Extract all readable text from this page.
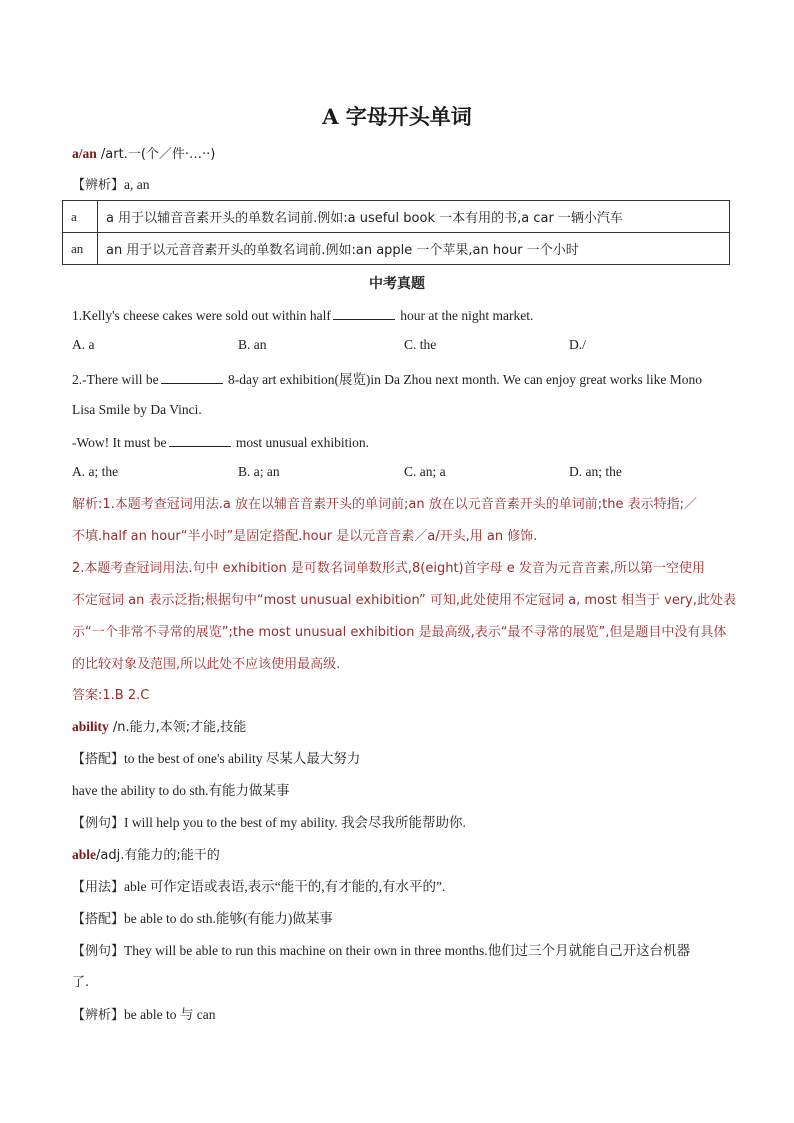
A 字母开头单词
a/an /art.一(个／件·…··)
【辨析】a, an
a	a 用于以辅音音素开头的单数名词前.例如:a useful book 一本有用的书,a car 一辆小汽车
an	an 用于以元音音素开头的单数名词前.例如:an apple 一个苹果,an hour 一个小时
中考真题
1.Kelly's cheese cakes were sold out within half	hour at the night market.
A. a	B. an	C. the	D./
2.-There will be	8-day art exhibition(展览)in Da Zhou next month. We can enjoy great works like Mono
Lisa Smile by Da Vinci.
-Wow! It must be	most unusual exhibition.
A. a; the	B. a; an	C. an; a	D. an; the
解析:1.本题考查冠词用法.a 放在以辅音音素开头的单词前;an 放在以元音音素开头的单词前;the 表示特指;／
不填.half an hour“半小时”是固定搭配.hour 是以元音音素／a/开头,用 an 修饰.
2.本题考查冠词用法.句中 exhibition 是可数名词单数形式,8(eight)首字母 e 发音为元音音素,所以第一空使用
不定冠词 an 表示泛指;根据句中“most unusual exhibition” 可知,此处使用不定冠词 a, most 相当于 very,此处表
示“一个非常不寻常的展览”;the most unusual exhibition 是最高级,表示“最不寻常的展览”,但是题目中没有具体
的比较对象及范围,所以此处不应该使用最高级.
答案:1.B 2.C
ability /n.能力,本领;才能,技能
【搭配】to the best of one's ability 尽某人最大努力
have the ability to do sth.有能力做某事
【例句】I will help you to the best of my ability. 我会尽我所能帮助你.
able/adj.有能力的;能干的
【用法】able 可作定语或表语,表示“能干的,有才能的,有水平的”.
【搭配】be able to do sth.能够(有能力)做某事
【例句】They will be able to run this machine on their own in three months.他们过三个月就能自己开这台机器
了.
【辨析】be able to 与 can
